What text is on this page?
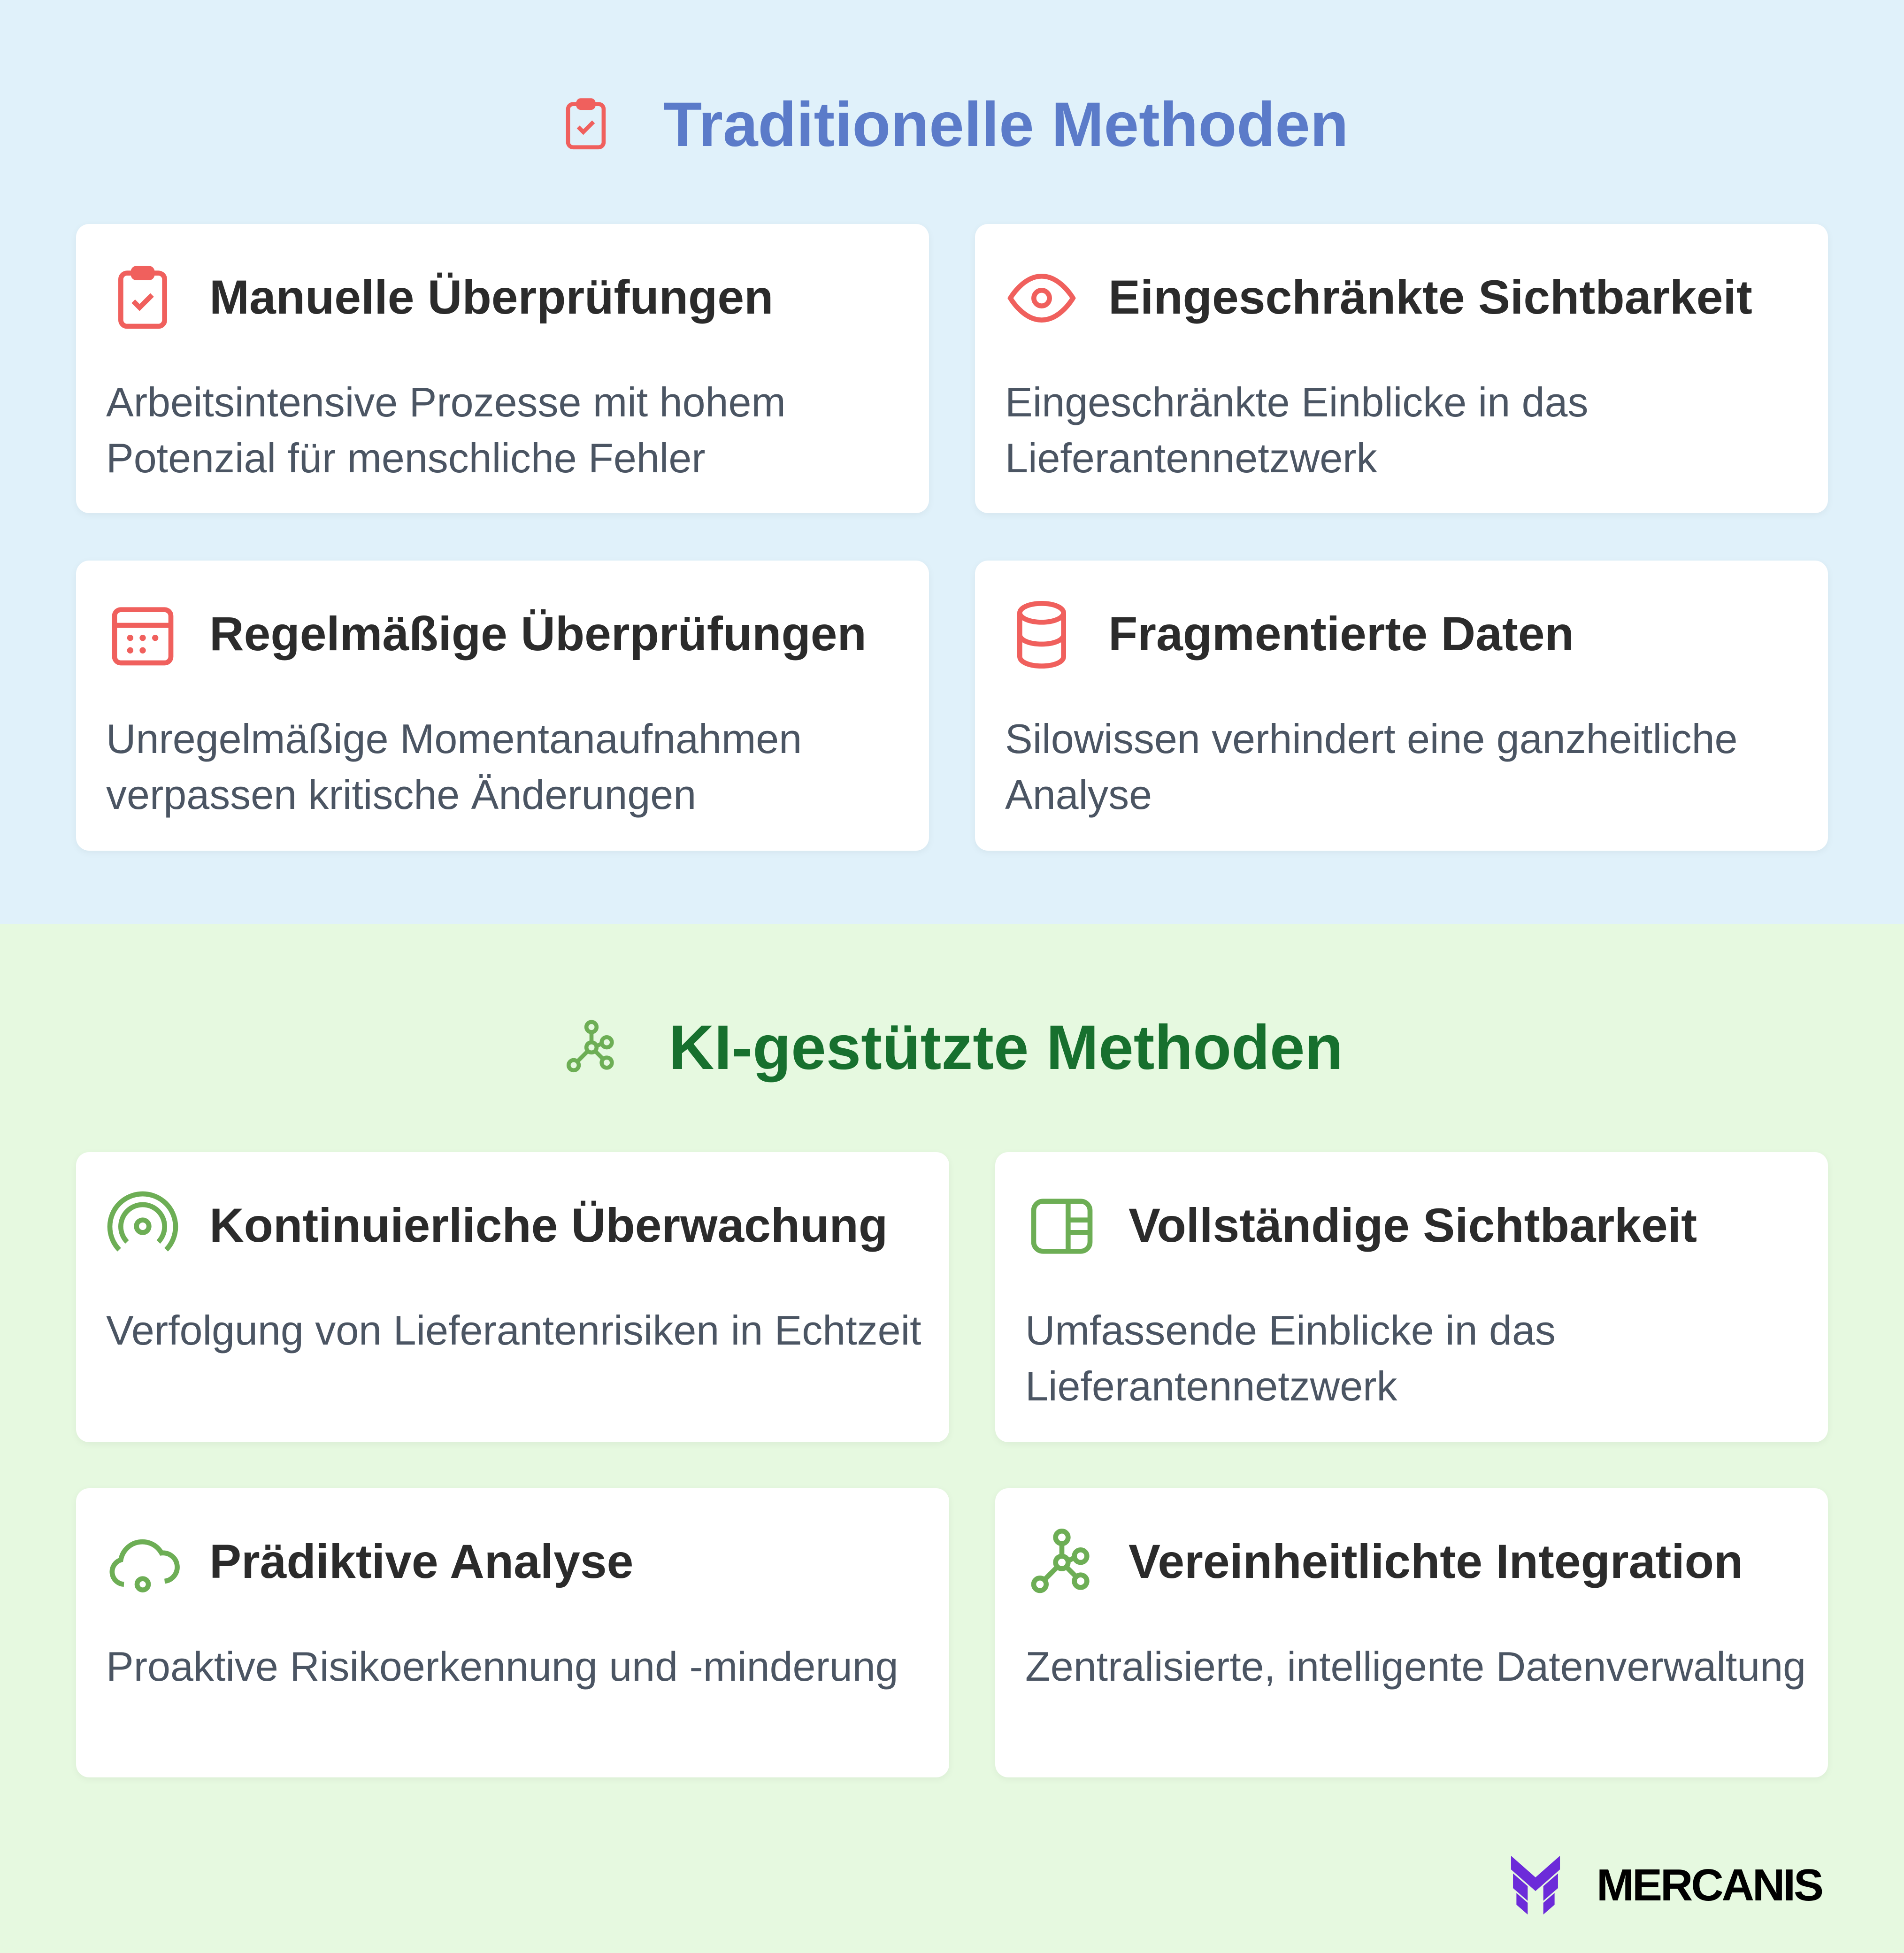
Traditionelle Methoden
Manuelle Überprüfungen

Arbeitsintensive Prozesse mit hohem Potenzial für menschliche Fehler

Eingeschränkte Sichtbarkeit

Eingeschränkte Einblicke in das Lieferantennetzwerk

Regelmäßige Überprüfungen

Unregelmäßige Momentanaufnahmen verpassen kritische Änderungen

Fragmentierte Daten

Silowissen verhindert eine ganzheitliche Analyse

KI-gestützte Methoden
Kontinuierliche Überwachung

Verfolgung von Lieferantenrisiken in Echtzeit

Vollständige Sichtbarkeit

Umfassende Einblicke in das Lieferantennetzwerk

Prädiktive Analyse

Proaktive Risikoerkennung und -minderung

Vereinheitlichte Integration

Zentralisierte, intelligente Datenverwaltung

MERCANIS
